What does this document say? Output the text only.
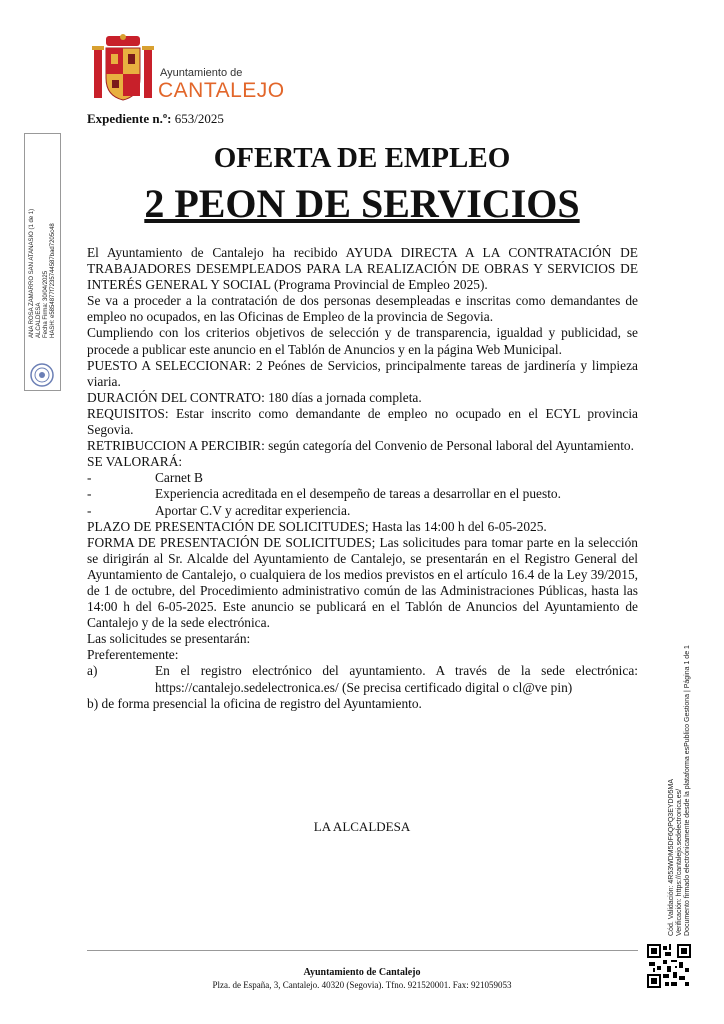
Ayuntamiento de
CANTALEJO
Expediente n.º: 653/2025
OFERTA DE EMPLEO
2 PEON DE SERVICIOS

El Ayuntamiento de Cantalejo ha recibido AYUDA DIRECTA A LA CONTRATACIÓN DE TRABAJADORES DESEMPLEADOS PARA LA REALIZACIÓN DE OBRAS Y SERVICIOS DE INTERÉS GENERAL Y SOCIAL (Programa Provincial de Empleo 2025).

Se va a proceder a la contratación de dos personas desempleadas e inscritas como demandantes de empleo no ocupados, en las Oficinas de Empleo de la provincia de Segovia.

Cumpliendo con los criterios objetivos de selección y de transparencia, igualdad y publicidad, se procede a publicar este anuncio en el Tablón de Anuncios y en la página Web Municipal.

PUESTO A SELECCIONAR: 2 Peónes de Servicios, principalmente tareas de jardinería y limpieza viaria.

DURACIÓN DEL CONTRATO: 180 días a jornada completa.

REQUISITOS: Estar inscrito como demandante de empleo no ocupado en el ECYL provincia Segovia.

RETRIBUCCION A PERCIBIR: según categoría del Convenio de Personal laboral del Ayuntamiento.

SE VALORARÁ:

-	Carnet B
-	Experiencia acreditada en el desempeño de tareas a desarrollar en el puesto.
-	Aportar C.V y acreditar experiencia.

PLAZO DE PRESENTACIÓN DE SOLICITUDES; Hasta las 14:00 h del 6-05-2025.

FORMA DE PRESENTACIÓN DE SOLICITUDES; Las solicitudes para tomar parte en la selección se dirigirán al Sr. Alcalde del Ayuntamiento de Cantalejo, se presentarán en el Registro General del Ayuntamiento de Cantalejo, o cualquiera de los medios previstos en el artículo 16.4 de la Ley 39/2015, de 1 de octubre, del Procedimiento administrativo común de las Administraciones Públicas, hasta las 14:00 h del 6-05-2025. Este anuncio se publicará en el Tablón de Anuncios del Ayuntamiento de Cantalejo y de la sede electrónica.

Las solicitudes se presentarán:

Preferentemente:

a)	En el registro electrónico del ayuntamiento. A través de la sede electrónica: https://cantalejo.sedelectronica.es/ (Se precisa certificado digital o cl@ve pin)

b) de forma presencial la oficina de registro del Ayuntamiento.

LA ALCALDESA
Ayuntamiento de Cantalejo
Plza. de España, 3, Cantalejo. 40320 (Segovia). Tfno. 921520001. Fax: 921059053
ANA ROSA ZAMARRO SAN ATANASIO (1 de 1) ALCALDESA Fecha Firma: 30/04/2025 HASH: e5854877f7235744587bad7205c48
Cód. Validación: 4R53WDM5DF6QPQ3EYDD5MA Verificación: https://cantalejo.sedelectronica.es/ Documento firmado electrónicamente desde la plataforma esPublico Gestiona | Página 1 de 1
